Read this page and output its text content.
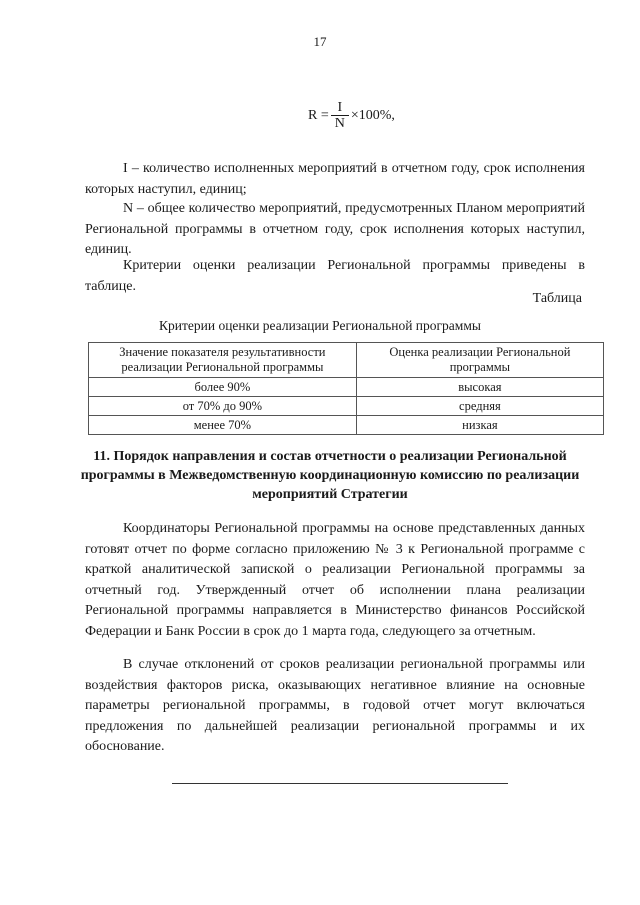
17
$R = \frac{I}{N} \times 100\%$,

I – количество исполненных мероприятий в отчетном году, срок исполнения которых наступил, единиц;

N – общее количество мероприятий, предусмотренных Планом мероприятий Региональной программы в отчетном году, срок исполнения которых наступил, единиц.

Критерии оценки реализации Региональной программы приведены в таблице.

Таблица
Критерии оценки реализации Региональной программы
Значение показателя результативности реализации Региональной программы	Оценка реализации Региональной программы
более 90%	высокая
от 70% до 90%	средняя
менее 70%	низкая
11. Порядок направления и состав отчетности о реализации Региональной программы в Межведомственную координационную комиссию по реализации мероприятий Стратегии

Координаторы Региональной программы на основе представленных данных готовят отчет по форме согласно приложению № 3 к Региональной программе с краткой аналитической запиской о реализации Региональной программы за отчетный год. Утвержденный отчет об исполнении плана реализации Региональной программы направляется в Министерство финансов Российской Федерации и Банк России в срок до 1 марта года, следующего за отчетным.

В случае отклонений от сроков реализации региональной программы или воздействия факторов риска, оказывающих негативное влияние на основные параметры региональной программы, в годовой отчет могут включаться предложения по дальнейшей реализации региональной программы и их обоснование.
